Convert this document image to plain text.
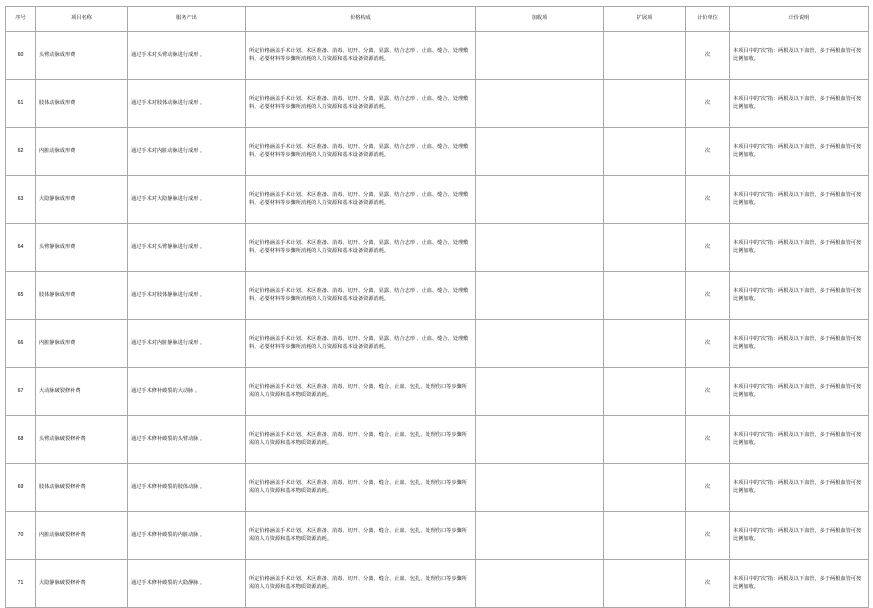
序号	项目名称	服务产出	价格构成	加收项	扩展项	计价单位	计价说明
60	头臂动脉成形费	通过手术对头臂动脉进行成形 。	所定价格涵盖手术计划、术区准备、消毒、切开、分离、显露、结合志形 、止血、缝合、处理敷料、必要材料等步骤所消耗的人力资源和基本设备资源消耗。			次	本项目中的"次"指：两根及以下血管，多于两根血管可按比例加收。
61	肢体动脉成形费	通过手术对肢体动脉进行成形 。	所定价格涵盖手术计划、术区准备、消毒、切开、分离、显露、结合志形 、止血、缝合、处理敷料、必要材料等步骤所消耗的人力资源和基本设备资源消耗。			次	本项目中的"次"指：两根及以下血管，多于两根血管可按比例加收。
62	内脏动脉成形费	通过手术对内脏动脉进行成形 。	所定价格涵盖手术计划、术区准备、消毒、切开、分离、显露、结合志形 、止血、缝合、处理敷料、必要材料等步骤所消耗的人力资源和基本设备资源消耗。			次	本项目中的"次"指：两根及以下血管，多于两根血管可按比例加收。
63	大隐静脉成形费	通过手术对大隐静脉进行成形 。	所定价格涵盖手术计划、术区准备、消毒、切开、分离、显露、结合志形 、止血、缝合、处理敷料、必要材料等步骤所消耗的人力资源和基本设备资源消耗。			次	本项目中的"次"指：两根及以下血管，多于两根血管可按比例加收。
64	头臂静脉成形费	通过手术对头臂静脉进行成形 。	所定价格涵盖手术计划、术区准备、消毒、切开、分离、显露、结合志形 、止血、缝合、处理敷料、必要材料等步骤所消耗的人力资源和基本设备资源消耗。			次	本项目中的"次"指：两根及以下血管，多于两根血管可按比例加收。
65	肢体静脉成形费	通过手术对肢体静脉进行成形 。	所定价格涵盖手术计划、术区准备、消毒、切开、分离、显露、结合志形 、止血、缝合、处理敷料、必要材料等步骤所消耗的人力资源和基本设备资源消耗。			次	本项目中的"次"指：两根及以下血管，多于两根血管可按比例加收。
66	内脏静脉成形费	通过手术对内脏静脉进行成形 。	所定价格涵盖手术计划、术区准备、消毒、切开、分离、显露、结合志形 、止血、缝合、处理敷料、必要材料等步骤所消耗的人力资源和基本设备资源消耗。			次	本项目中的"次"指：两根及以下血管，多于两根血管可按比例加收。
67	大动脉破裂修补费	通过手术修补破裂的大动脉 。	所定价格涵盖手术计划、术区准备、消毒、切开、分离、缝合、止血、包扎、处理伤口等步骤所需的人力资源和基本物质资源消耗。			次	本项目中的"次"指：两根及以下血管，多于两根血管可按比例加收。
68	头臂动脉破裂修补费	通过手术修补破裂的头臂动脉 。	所定价格涵盖手术计划、术区准备、消毒、切开、分离、缝合、止血、包扎、处理伤口等步骤所需的人力资源和基本物质资源消耗。			次	本项目中的"次"指：两根及以下血管，多于两根血管可按比例加收。
69	肢体动脉破裂修补费	通过手术修补破裂的肢体动脉 。	所定价格涵盖手术计划、术区准备、消毒、切开、分离、缝合、止血、包扎、处理伤口等步骤所需的人力资源和基本物质资源消耗。			次	本项目中的"次"指：两根及以下血管，多于两根血管可按比例加收。
70	内脏动脉破裂修补费	通过手术修补破裂的内脏动脉 。	所定价格涵盖手术计划、术区准备、消毒、切开、分离、缝合、止血、包扎、处理伤口等步骤所需的人力资源和基本物质资源消耗。			次	本项目中的"次"指：两根及以下血管，多于两根血管可按比例加收。
71	大隐静脉破裂修补费	通过手术修补破裂的大隐静脉 。	所定价格涵盖手术计划、术区准备、消毒、切开、分离、缝合、止血、包扎、处理伤口等步骤所需的人力资源和基本物质资源消耗。			次	本项目中的"次"指：两根及以下血管，多于两根血管可按比例加收。
